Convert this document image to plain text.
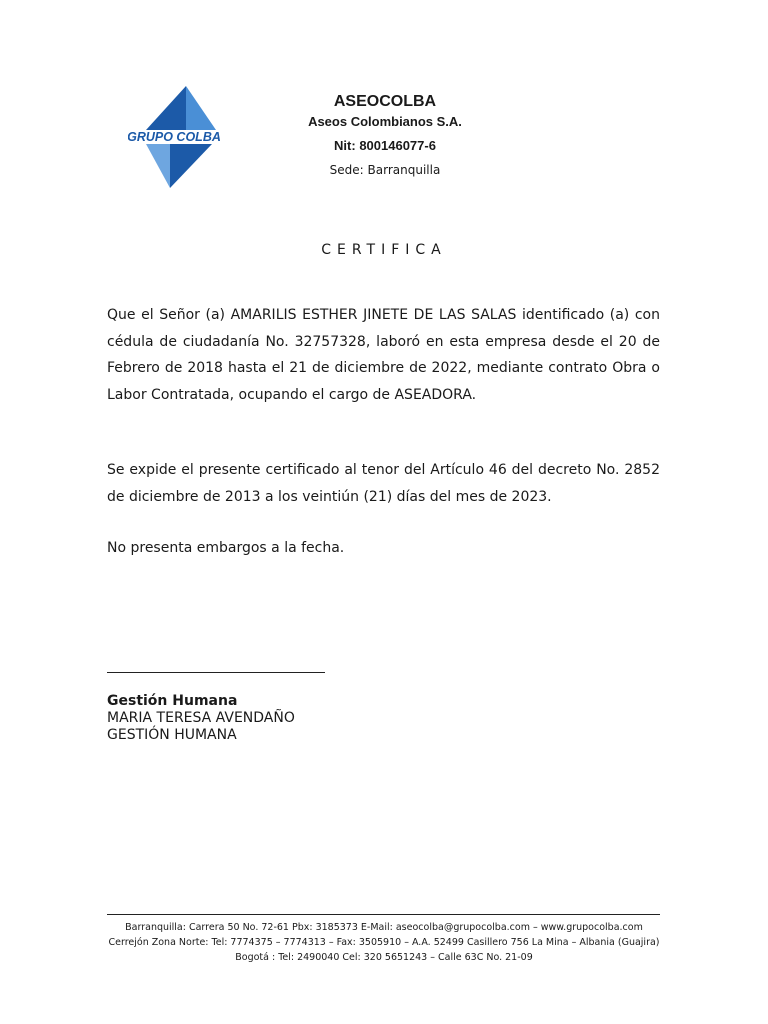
GRUPO COLBA

ASEOCOLBA

Aseos Colombianos S.A.

Nit: 800146077-6

Sede: Barranquilla

CERTIFICA

Que el Señor (a) AMARILIS ESTHER JINETE DE LAS SALAS identificado (a) con cédula de ciudadanía No. 32757328, laboró en esta empresa desde el 20 de Febrero de 2018 hasta el 21 de diciembre de 2022, mediante contrato Obra o Labor Contratada, ocupando el cargo de ASEADORA.

Se expide el presente certificado al tenor del Artículo 46 del decreto No. 2852 de diciembre de 2013 a los veintiún (21) días del mes de 2023.

No presenta embargos a la fecha.

Gestión Humana
MARIA TERESA AVENDAÑO
GESTIÓN HUMANA
Barranquilla: Carrera 50 No. 72-61 Pbx: 3185373 E-Mail: aseocolba@grupocolba.com – www.grupocolba.com
Cerrejón Zona Norte: Tel: 7774375 – 7774313 – Fax: 3505910 – A.A. 52499 Casillero 756 La Mina – Albania (Guajira)
Bogotá : Tel: 2490040 Cel: 320 5651243 – Calle 63C No. 21-09
